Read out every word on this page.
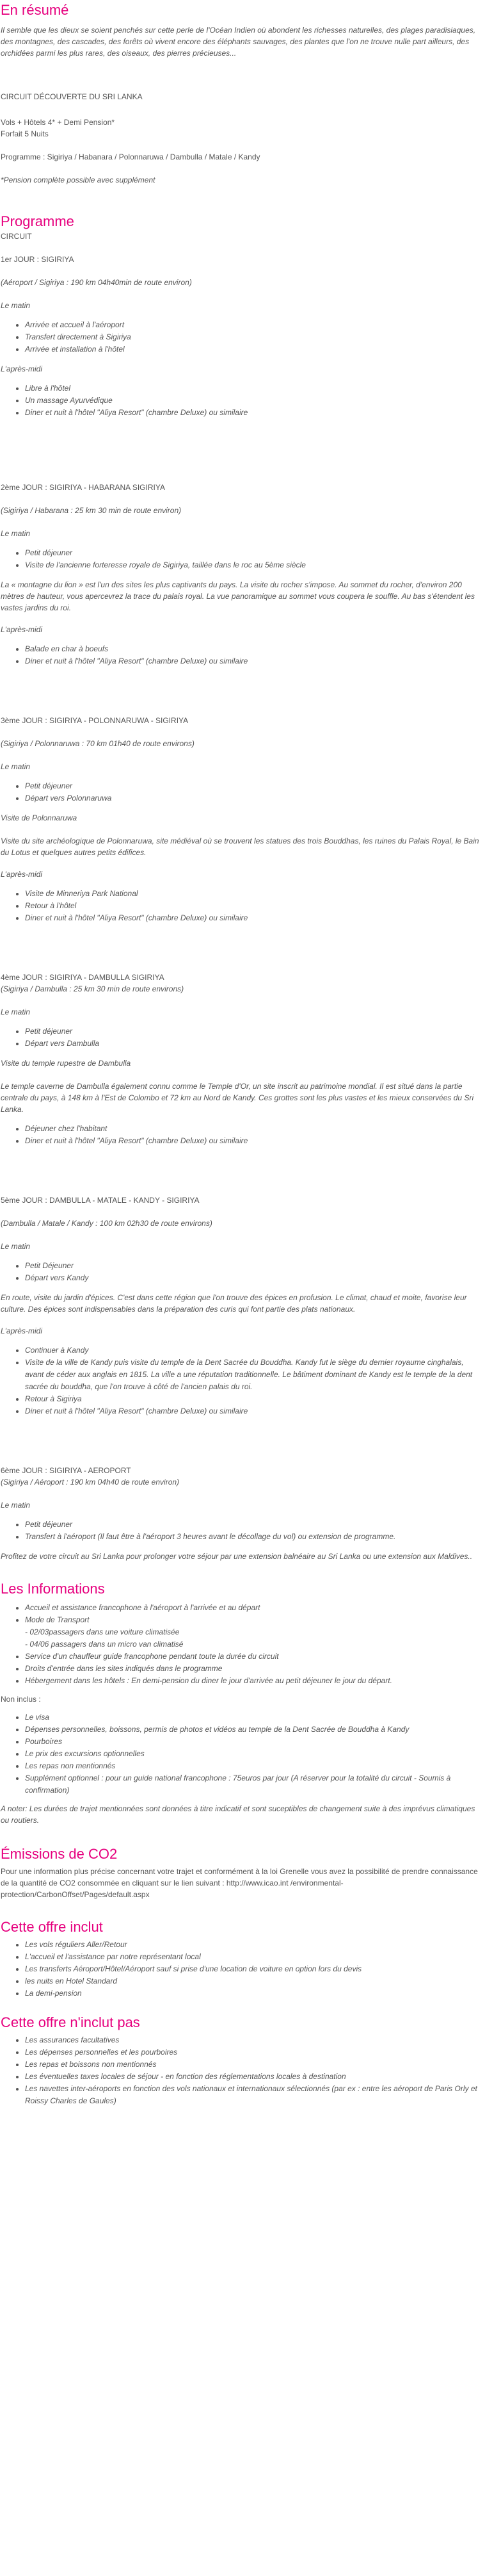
En résumé

Il semble que les dieux se soient penchés sur cette perle de l'Océan Indien où abondent les richesses naturelles, des plages paradisiaques, des montagnes, des cascades, des forêts où vivent encore des éléphants sauvages, des plantes que l'on ne trouve nulle part ailleurs, des orchidées parmi les plus rares, des oiseaux, des pierres précieuses...

CIRCUIT DÉCOUVERTE DU SRI LANKA

Vols + Hôtels 4* + Demi Pension*

Forfait 5 Nuits

Programme : Sigiriya / Habanara / Polonnaruwa / Dambulla / Matale / Kandy

*Pension complète possible avec supplément

Programme

CIRCUIT

1er JOUR : SIGIRIYA

(Aéroport / Sigiriya : 190 km 04h40min de route environ)

Le matin

• Arrivée et accueil à l'aéroport
• Transfert directement à Sigiriya
• Arrivée et installation à l'hôtel

L'après-midi

• Libre à l'hôtel
• Un massage Ayurvédique
• Diner et nuit à l'hôtel "Aliya Resort" (chambre Deluxe) ou similaire

2ème JOUR : SIGIRIYA - HABARANA SIGIRIYA

(Sigiriya / Habarana : 25 km 30 min de route environ)

Le matin

• Petit déjeuner
• Visite de l'ancienne forteresse royale de Sigiriya, taillée dans le roc au 5ème siècle

La « montagne du lion » est l'un des sites les plus captivants du pays. La visite du rocher s'impose. Au sommet du rocher, d'environ 200 mètres de hauteur, vous apercevrez la trace du palais royal. La vue panoramique au sommet vous coupera le souffle. Au bas s'étendent les vastes jardins du roi.

L'après-midi

• Balade en char à boeufs
• Diner et nuit à l'hôtel "Aliya Resort" (chambre Deluxe) ou similaire

3ème JOUR : SIGIRIYA - POLONNARUWA - SIGIRIYA

(Sigiriya / Polonnaruwa : 70 km 01h40 de route environs)

Le matin

• Petit déjeuner
• Départ vers Polonnaruwa

Visite de Polonnaruwa

Visite du site archéologique de Polonnaruwa, site médiéval où se trouvent les statues des trois Bouddhas, les ruines du Palais Royal, le Bain du Lotus et quelques autres petits édifices.

L'après-midi

• Visite de Minneriya Park National
• Retour à l'hôtel
• Diner et nuit à l'hôtel "Aliya Resort" (chambre Deluxe) ou similaire

4ème JOUR : SIGIRIYA - DAMBULLA SIGIRIYA

(Sigiriya / Dambulla : 25 km 30 min de route environs)

Le matin

• Petit déjeuner
• Départ vers Dambulla

Visite du temple rupestre de Dambulla

Le temple caverne de Dambulla également connu comme le Temple d'Or, un site inscrit au patrimoine mondial. Il est situé dans la partie centrale du pays, à 148 km à l'Est de Colombo et 72 km au Nord de Kandy. Ces grottes sont les plus vastes et les mieux conservées du Sri Lanka.

• Déjeuner chez l'habitant
• Diner et nuit à l'hôtel "Aliya Resort" (chambre Deluxe) ou similaire

5ème JOUR : DAMBULLA - MATALE - KANDY - SIGIRIYA

(Dambulla / Matale / Kandy : 100 km 02h30 de route environs)

Le matin

• Petit Déjeuner
• Départ vers Kandy

En route, visite du jardin d'épices. C'est dans cette région que l'on trouve des épices en profusion. Le climat, chaud et moite, favorise leur culture. Des épices sont indispensables dans la préparation des curis qui font partie des plats nationaux.

L'après-midi

• Continuer à Kandy
• Visite de la ville de Kandy puis visite du temple de la Dent Sacrée du Bouddha. Kandy fut le siège du dernier royaume cinghalais, avant de céder aux anglais en 1815. La ville a une réputation traditionnelle. Le bâtiment dominant de Kandy est le temple de la dent sacrée du bouddha, que l'on trouve à côté de l'ancien palais du roi.
• Retour à Sigiriya
• Diner et nuit à l'hôtel "Aliya Resort" (chambre Deluxe) ou similaire

6ème JOUR : SIGIRIYA - AEROPORT

(Sigiriya / Aéroport : 190 km 04h40 de route environ)

Le matin

• Petit déjeuner
• Transfert à l'aéroport (Il faut être à l'aéroport 3 heures avant le décollage du vol) ou extension de programme.

Profitez de votre circuit au Sri Lanka pour prolonger votre séjour par une extension balnéaire au Sri Lanka ou une extension aux Maldives..

Les Informations
• Accueil et assistance francophone à l'aéroport à l'arrivée et au départ
• Mode de Transport
- 02/03passagers dans une voiture climatisée
- 04/06 passagers dans un micro van climatisé
• Service d'un chauffeur guide francophone pendant toute la durée du circuit
• Droits d'entrée dans les sites indiqués dans le programme
• Hébergement dans les hôtels : En demi-pension du diner le jour d'arrivée au petit déjeuner le jour du départ.

Non inclus :

• Le visa
• Dépenses personnelles, boissons, permis de photos et vidéos au temple de la Dent Sacrée de Bouddha à Kandy
• Pourboires
• Le prix des excursions optionnelles
• Les repas non mentionnés
• Supplément optionnel : pour un guide national francophone : 75euros par jour (A réserver pour la totalité du circuit - Soumis à confirmation)

A noter: Les durées de trajet mentionnées sont données à titre indicatif et sont suceptibles de changement suite à des imprévus climatiques ou routiers.

Émissions de CO2

Pour une information plus précise concernant votre trajet et conformément à la loi Grenelle vous avez la possibilité de prendre connaissance de la quantité de CO2 consommée en cliquant sur le lien suivant : http://www.icao.int /environmental-protection/CarbonOffset/Pages/default.aspx

Cette offre inclut
• Les vols réguliers Aller/Retour
• L'accueil et l'assistance par notre représentant local
• Les transferts Aéroport/Hôtel/Aéroport sauf si prise d'une location de voiture en option lors du devis
• les nuits en Hotel Standard
• La demi-pension
Cette offre n'inclut pas
• Les assurances facultatives
• Les dépenses personnelles et les pourboires
• Les repas et boissons non mentionnés
• Les éventuelles taxes locales de séjour - en fonction des réglementations locales à destination
• Les navettes inter-aéroports en fonction des vols nationaux et internationaux sélectionnés (par ex : entre les aéroport de Paris Orly et Roissy Charles de Gaules)
